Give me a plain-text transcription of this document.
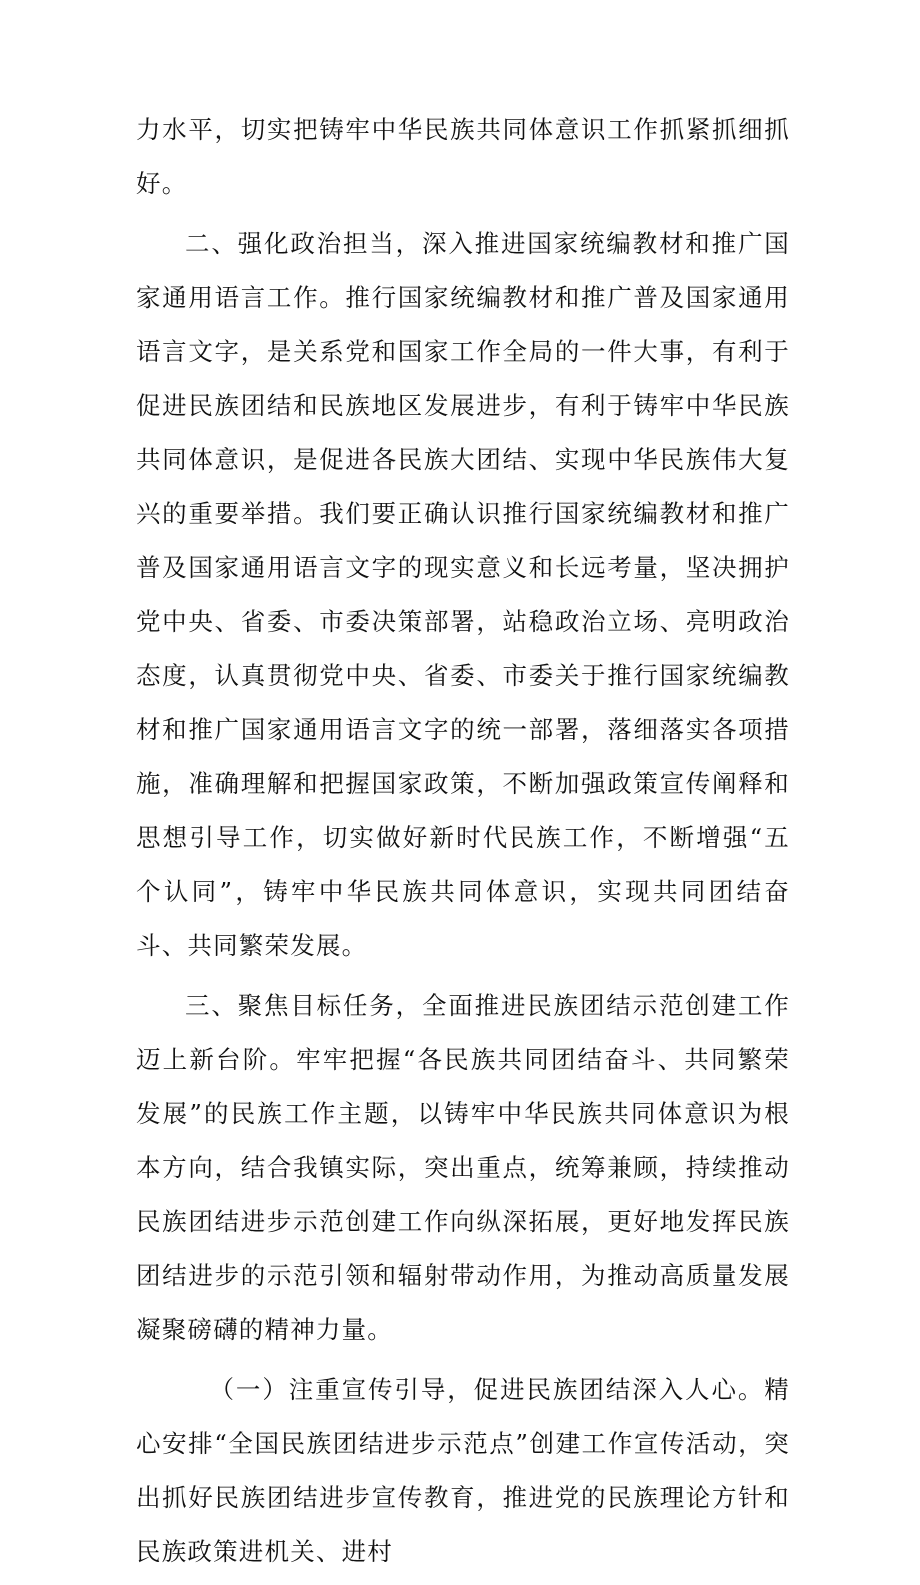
力水平，切实把铸牢中华民族共同体意识工作抓紧抓细抓好。

二、强化政治担当，深入推进国家统编教材和推广国家通用语言工作。推行国家统编教材和推广普及国家通用语言文字，是关系党和国家工作全局的一件大事，有利于促进民族团结和民族地区发展进步，有利于铸牢中华民族共同体意识，是促进各民族大团结、实现中华民族伟大复兴的重要举措。我们要正确认识推行国家统编教材和推广普及国家通用语言文字的现实意义和长远考量，坚决拥护党中央、省委、市委决策部署，站稳政治立场、亮明政治态度，认真贯彻党中央、省委、市委关于推行国家统编教材和推广国家通用语言文字的统一部署，落细落实各项措施，准确理解和把握国家政策，不断加强政策宣传阐释和思想引导工作，切实做好新时代民族工作，不断增强“五个认同”，铸牢中华民族共同体意识，实现共同团结奋斗、共同繁荣发展。

三、聚焦目标任务，全面推进民族团结示范创建工作迈上新台阶。牢牢把握“各民族共同团结奋斗、共同繁荣发展”的民族工作主题，以铸牢中华民族共同体意识为根本方向，结合我镇实际，突出重点，统筹兼顾，持续推动民族团结进步示范创建工作向纵深拓展，更好地发挥民族团结进步的示范引领和辐射带动作用，为推动高质量发展凝聚磅礴的精神力量。

（一）注重宣传引导，促进民族团结深入人心。精心安排“全国民族团结进步示范点”创建工作宣传活动，突出抓好民族团结进步宣传教育，推进党的民族理论方针和民族政策进机关、进村
